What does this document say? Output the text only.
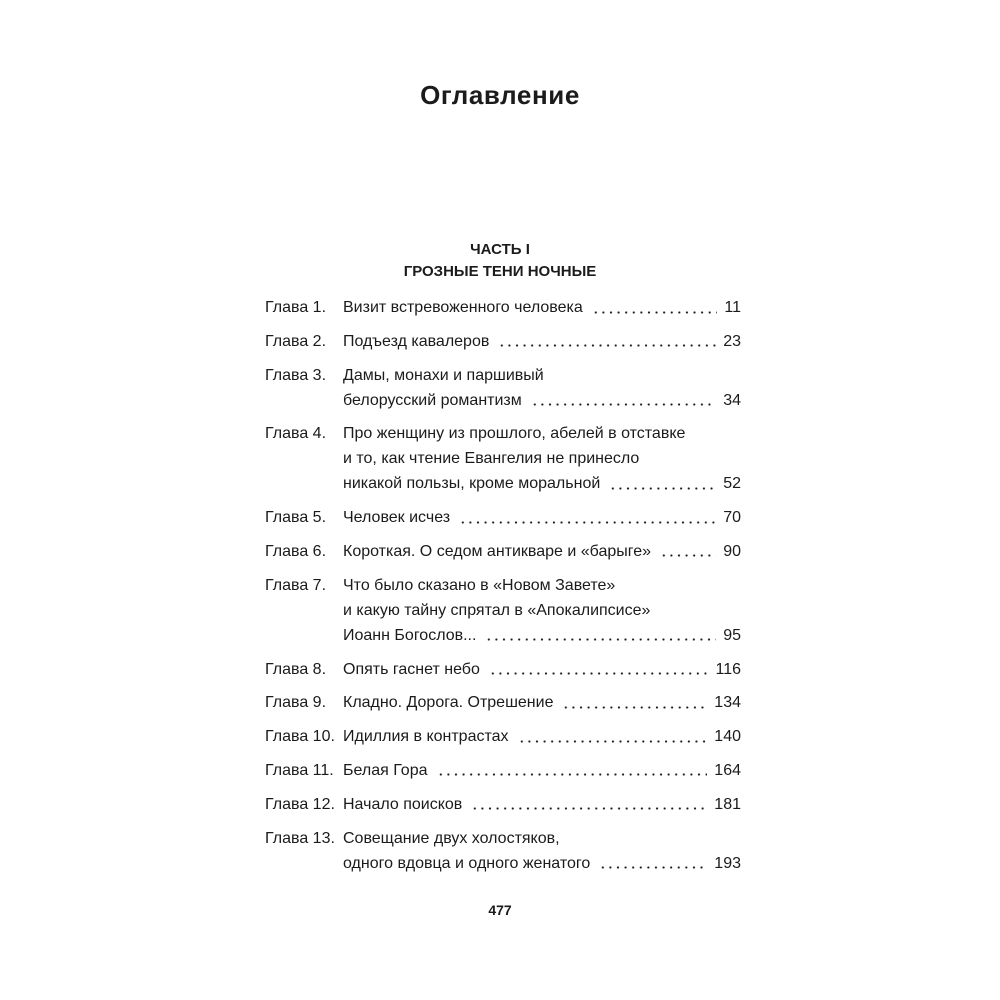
Оглавление
ЧАСТЬ I
ГРОЗНЫЕ ТЕНИ НОЧНЫЕ
Глава 1.	Визит встревоженного человека	11
Глава 2.	Подъезд кавалеров	23
Глава 3.	Дамы, монахи и паршивый
белорусский романтизм	34
Глава 4.	Про женщину из прошлого, абелей в отставке
и то, как чтение Евангелия не принесло
никакой пользы, кроме моральной	52
Глава 5.	Человек исчез	70
Глава 6.	Короткая. О седом антикваре и «барыге»	90
Глава 7.	Что было сказано в «Новом Завете»
и какую тайну спрятал в «Апокалипсисе»
Иоанн Богослов...	95
Глава 8.	Опять гаснет небо	116
Глава 9.	Кладно. Дорога. Отрешение	134
Глава 10. Идиллия в контрастах	140
Глава 11. Белая Гора	164
Глава 12. Начало поисков	181
Глава 13. Совещание двух холостяков,
одного вдовца и одного женатого	193
477
